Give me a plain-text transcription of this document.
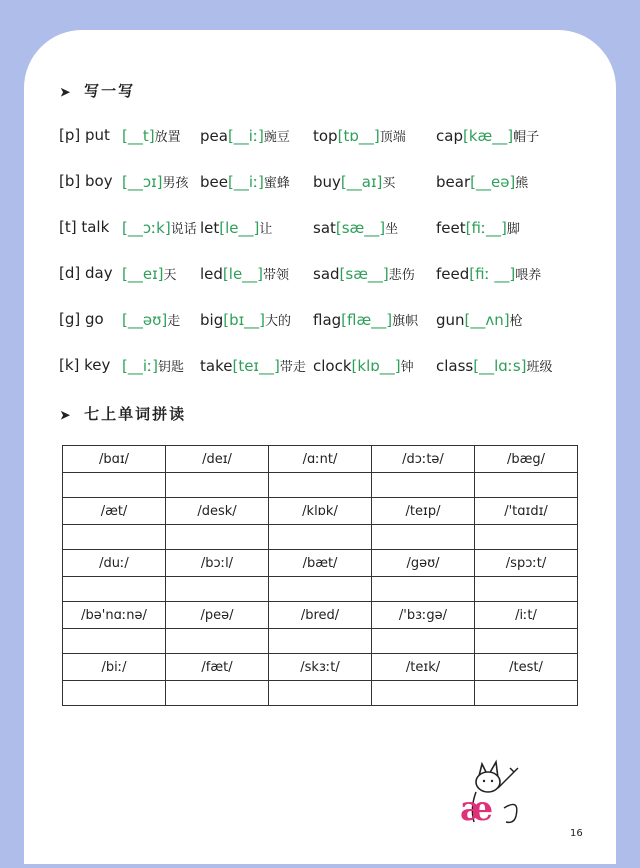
➤ 写一写
[p] put [__t]放置 pea[__iː]豌豆 top[tɒ__]顶端 cap[kæ__]帽子
[b] boy [__ɔɪ]男孩 bee[__iː]蜜蜂 buy[__aɪ]买	bear[__eə]熊
[t] talk [__ɔːk]说话 let[le__]让	sat[sæ__]坐	feet[fiː__]脚
[d] day [__eɪ]天 led[le__]带领 sad[sæ__]悲伤 feed[fiː __]喂养
[g] go [__əʊ]走 big[bɪ__]大的 flag[flæ__]旗帜 gun[__ʌn]枪
[k] key [__iː]钥匙 take[teɪ__]带走 clock[klɒ__]钟 class[__lɑːs]班级
➤ 七上单词拼读
/bɑɪ/	/deɪ/	/ɑːnt/	/dɔːtə/	/bæg/

/æt/	/desk/	/klɒk/	/teɪp/	/'tɑɪdɪ/

/duː/	/bɔːl/	/bæt/	/gəʊ/	/spɔːt/

/bə'nɑːnə/	/peə/	/bred/	/'bɜːgə/	/iːt/

/biː/	/fæt/	/skɜːt/	/teɪk/	/test/

æ
16
